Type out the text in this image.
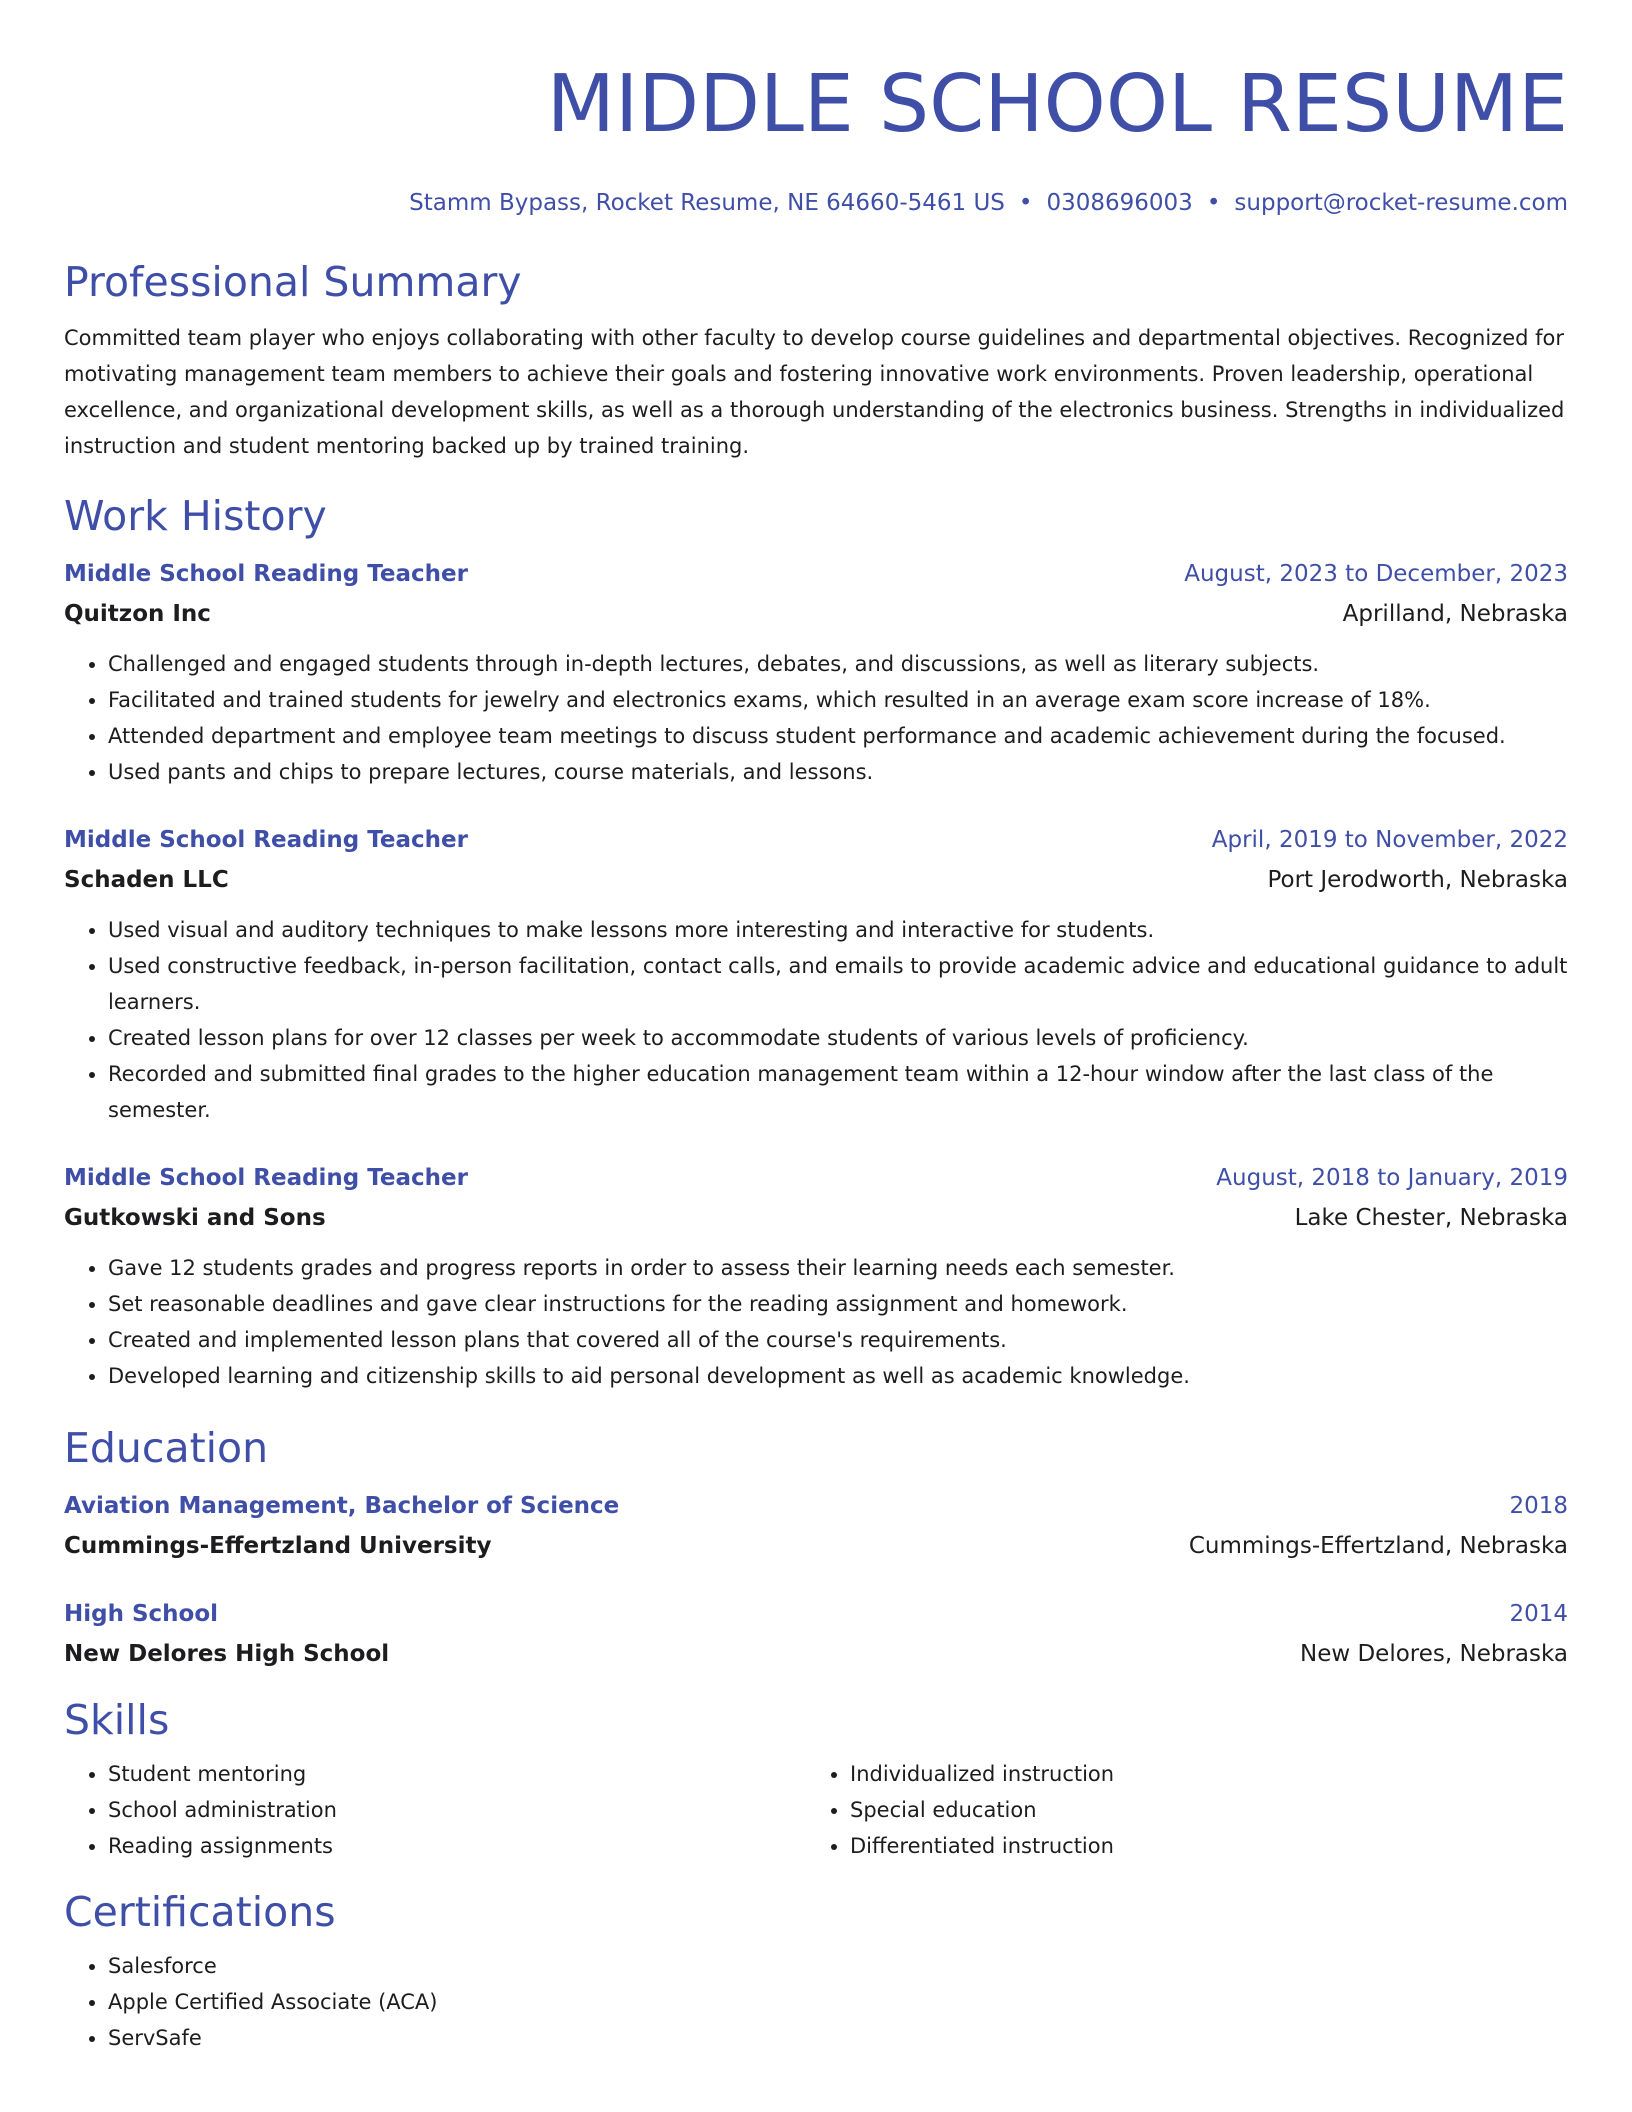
MIDDLE SCHOOL RESUME
Stamm Bypass, Rocket Resume, NE 64660-5461 US • 0308696003 • support@rocket-resume.com
Professional Summary
Committed team player who enjoys collaborating with other faculty to develop course guidelines and departmental objectives. Recognized for motivating management team members to achieve their goals and fostering innovative work environments. Proven leadership, operational excellence, and organizational development skills, as well as a thorough understanding of the electronics business. Strengths in individualized instruction and student mentoring backed up by trained training.
Work History
Middle School Reading Teacher	August, 2023 to December, 2023
Quitzon Inc	Aprilland, Nebraska
• Challenged and engaged students through in-depth lectures, debates, and discussions, as well as literary subjects.
• Facilitated and trained students for jewelry and electronics exams, which resulted in an average exam score increase of 18%.
• Attended department and employee team meetings to discuss student performance and academic achievement during the focused.
• Used pants and chips to prepare lectures, course materials, and lessons.
Middle School Reading Teacher	April, 2019 to November, 2022
Schaden LLC	Port Jerodworth, Nebraska
• Used visual and auditory techniques to make lessons more interesting and interactive for students.
• Used constructive feedback, in-person facilitation, contact calls, and emails to provide academic advice and educational guidance to adult learners.
• Created lesson plans for over 12 classes per week to accommodate students of various levels of proficiency.
• Recorded and submitted final grades to the higher education management team within a 12-hour window after the last class of the semester.
Middle School Reading Teacher	August, 2018 to January, 2019
Gutkowski and Sons	Lake Chester, Nebraska
• Gave 12 students grades and progress reports in order to assess their learning needs each semester.
• Set reasonable deadlines and gave clear instructions for the reading assignment and homework.
• Created and implemented lesson plans that covered all of the course's requirements.
• Developed learning and citizenship skills to aid personal development as well as academic knowledge.
Education
Aviation Management, Bachelor of Science	2018
Cummings-Effertzland University	Cummings-Effertzland, Nebraska
High School	2014
New Delores High School	New Delores, Nebraska
Skills
• Student mentoring
• School administration
• Reading assignments
• Individualized instruction
• Special education
• Differentiated instruction
Certifications
• Salesforce
• Apple Certified Associate (ACA)
• ServSafe
